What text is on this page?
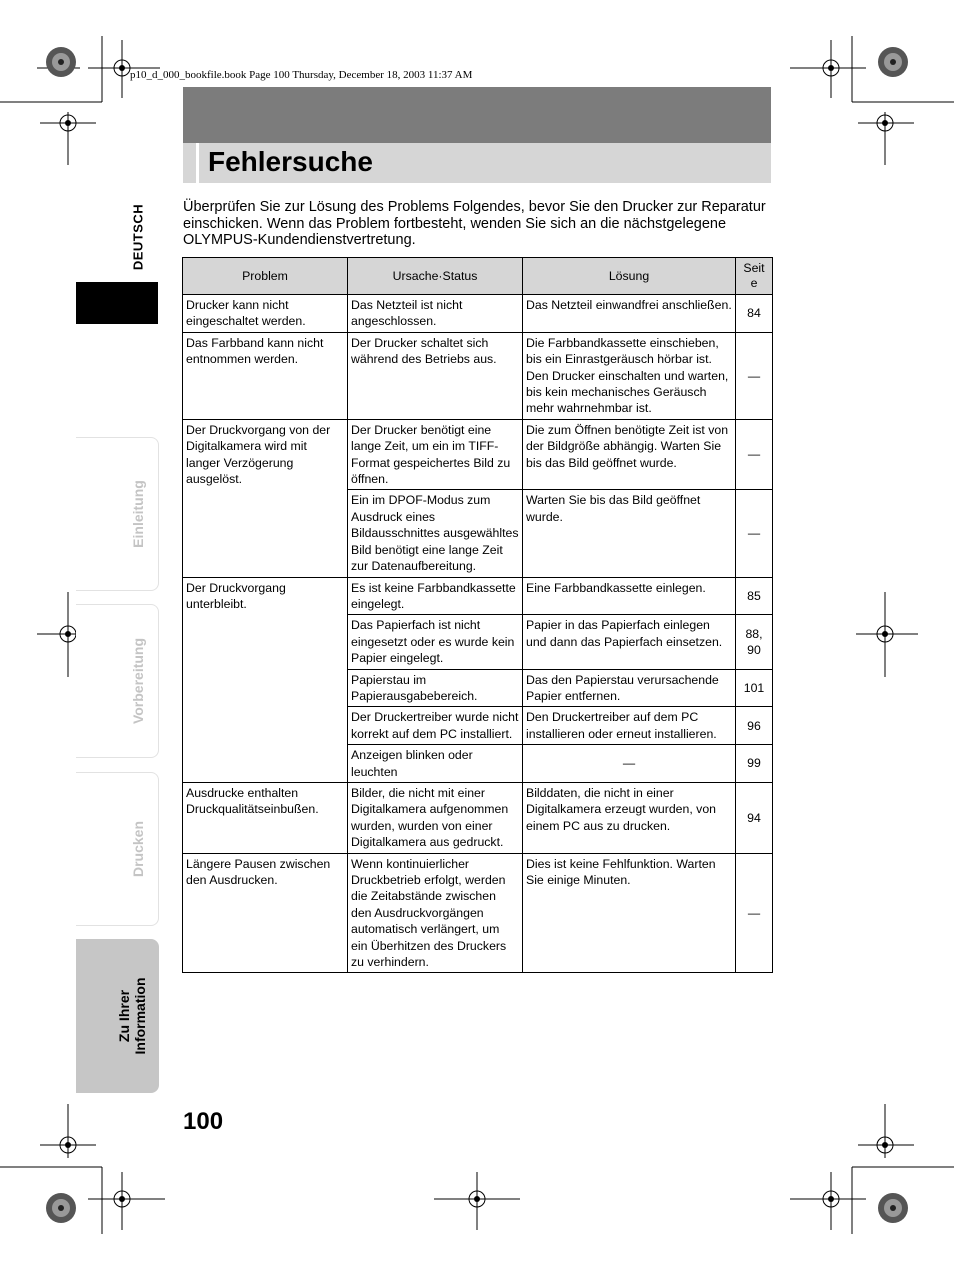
p10_d_000_bookfile.book Page 100 Thursday, December 18, 2003 11:37 AM
Fehlersuche
Überprüfen Sie zur Lösung des Problems Folgendes, bevor Sie den Drucker zur Reparatur einschicken. Wenn das Problem fortbesteht, wenden Sie sich an die nächstgelegene OLYMPUS-Kundendienstvertretung.
DEUTSCH
Einleitung
Vorbereitung
Drucken
Zu Ihrer
Information
Problem	Ursache·Status	Lösung	Seit
e
Drucker kann nicht eingeschaltet werden.	Das Netzteil ist nicht angeschlossen.	Das Netzteil einwandfrei anschließen.	84
Das Farbband kann nicht entnommen werden.	Der Drucker schaltet sich während des Betriebs aus.	Die Farbbandkassette einschieben, bis ein Einrastgeräusch hörbar ist. Den Drucker einschalten und warten, bis kein mechanisches Geräusch mehr wahrnehmbar ist.	—
Der Druckvorgang von der Digitalkamera wird mit langer Verzögerung ausgelöst.	Der Drucker benötigt eine lange Zeit, um ein im TIFF-Format gespeichertes Bild zu öffnen.	Die zum Öffnen benötigte Zeit ist von der Bildgröße abhängig. Warten Sie bis das Bild geöffnet wurde.	—
	Ein im DPOF-Modus zum Ausdruck eines Bildausschnittes ausgewähltes Bild benötigt eine lange Zeit zur Datenaufbereitung.	Warten Sie bis das Bild geöffnet wurde.	—
Der Druckvorgang unterbleibt.	Es ist keine Farbbandkassette eingelegt.	Eine Farbbandkassette einlegen.	85
	Das Papierfach ist nicht eingesetzt oder es wurde kein Papier eingelegt.	Papier in das Papierfach einlegen und dann das Papierfach einsetzen.	88,
90
	Papierstau im Papierausgabebereich.	Das den Papierstau verursachende Papier entfernen.	101
	Der Druckertreiber wurde nicht korrekt auf dem PC installiert.	Den Druckertreiber auf dem PC installieren oder erneut installieren.	96
	Anzeigen blinken oder leuchten	—	99
Ausdrucke enthalten Druckqualitätseinbußen.	Bilder, die nicht mit einer Digitalkamera aufgenommen wurden, wurden von einer Digitalkamera aus gedruckt.	Bilddaten, die nicht in einer Digitalkamera erzeugt wurden, von einem PC aus zu drucken.	94
Längere Pausen zwischen den Ausdrucken.	Wenn kontinuierlicher Druckbetrieb erfolgt, werden die Zeitabstände zwischen den Ausdruckvorgängen automatisch verlängert, um ein Überhitzen des Druckers zu verhindern.	Dies ist keine Fehlfunktion. Warten Sie einige Minuten.	—
100
